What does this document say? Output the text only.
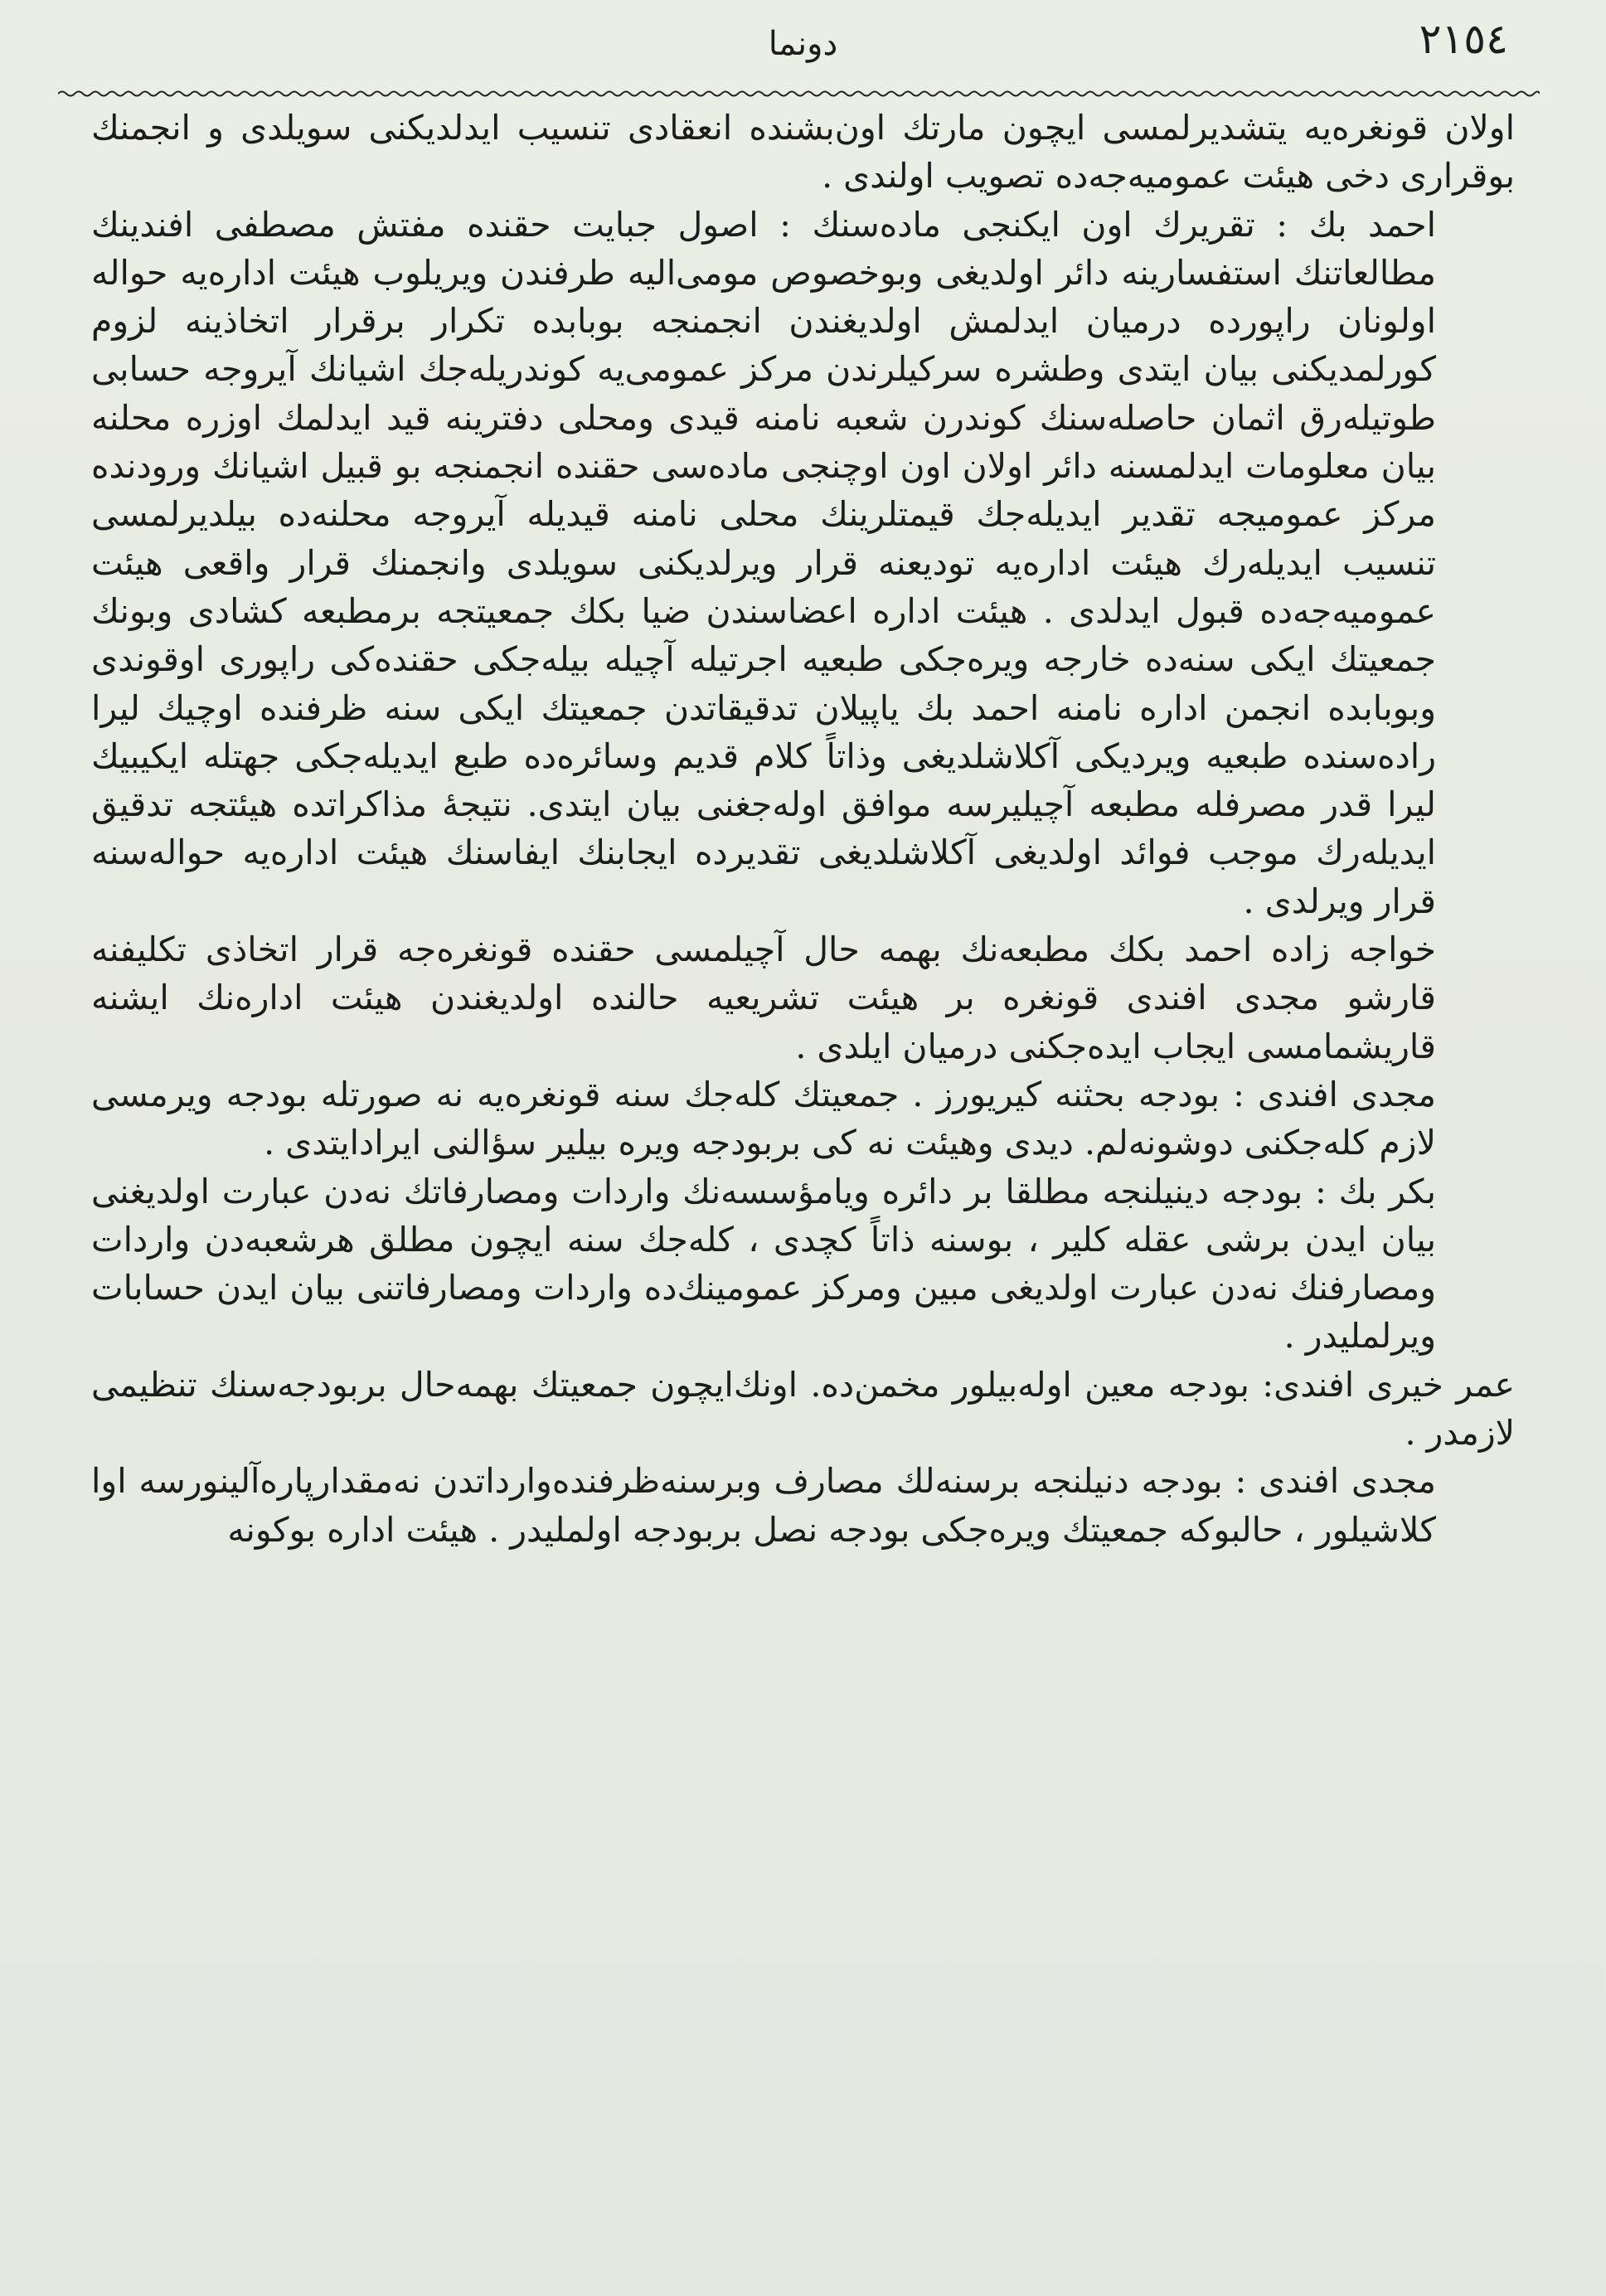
٢١٥٤
دونما

اولان قونغره‌یه یتشدیرلمسی ایچون مارتك اون‌بشنده انعقادی تنسیب ایدلدیکنی سویلدی و انجمنك بوقراری دخی هیئت عمومیه‌جه‌ده تصویب اولندی .

احمد بك : تقریرك اون ایکنجی ماده‌سنك : اصول جبایت حقنده مفتش مصطفی افندینك مطالعاتنك استفسارینه دائر اولدیغی وبوخصوص مومی‌الیه طرفندن ویریلوب هیئت اداره‌یه حواله اولونان راپورده درمیان ایدلمش اولدیغندن انجمنجه بوبابده تکرار برقرار اتخاذینه لزوم کورلمدیکنی بیان ایتدی وطشره سرکیلرندن مرکز عمومی‌یه کوندریله‌جك اشیانك آیروجه حسابی طوتیله‌رق اثمان حاصله‌سنك کوندرن شعبه نامنه قیدی ومحلی دفترینه قید ایدلمك اوزره محلنه بیان معلومات ایدلمسنه دائر اولان اون اوچنجی ماده‌سی حقنده انجمنجه بو قبیل اشیانك ورودنده مرکز عمومیجه تقدیر ایدیله‌جك قیمتلرینك محلی نامنه قیدیله آیروجه محلنه‌ده بیلدیرلمسی تنسیب ایدیله‌رك هیئت اداره‌یه تودیعنه قرار ویرلدیکنی سویلدی وانجمنك قرار واقعی هیئت عمومیه‌جه‌ده قبول ایدلدی . هیئت اداره اعضاسندن ضیا بکك جمعیتجه برمطبعه کشادی وبونك جمعیتك ایکی سنه‌ده خارجه ویره‌جکی طبعیه اجرتیله آچیله بیله‌جکی حقنده‌کی راپوری اوقوندی وبوبابده انجمن اداره نامنه احمد بك یاپیلان تدقیقاتدن جمعیتك ایکی سنه ظرفنده اوچیك لیرا راده‌سنده طبعیه ویردیکی آکلاشلدیغی وذاتاً کلام قدیم وسائره‌ده طبع ایدیله‌جکی جهتله ایکیبیك لیرا قدر مصرفله مطبعه آچیلیرسه موافق اوله‌جغنی بیان ایتدی. نتیجهٔ مذاکراتده هیئتجه تدقیق ایدیله‌رك موجب فوائد اولدیغی آکلاشلدیغی تقدیرده ایجابنك ایفاسنك هیئت اداره‌یه حواله‌سنه قرار ویرلدی .

خواجه زاده احمد بکك مطبعه‌نك بهمه حال آچیلمسی حقنده قونغره‌جه قرار اتخاذی تکلیفنه قارشو مجدی افندی قونغره بر هیئت تشریعیه حالنده اولدیغندن هیئت اداره‌نك ایشنه قاریشمامسی ایجاب ایده‌جکنی درمیان ایلدی .

مجدی افندی : بودجه بحثنه کیریورز . جمعیتك کله‌جك سنه قونغره‌یه نه صورتله بودجه ویرمسی لازم کله‌جکنی دوشونه‌لم. دیدی وهیئت نه کی بربودجه ویره بیلیر سؤالنی ایرادایتدی .

بکر بك : بودجه دینیلنجه مطلقا بر دائره ویامؤسسه‌نك واردات ومصارفاتك نه‌دن عبارت اولدیغنی بیان ایدن برشی عقله کلیر ، بوسنه ذاتاً کچدی ، کله‌جك سنه ایچون مطلق هرشعبه‌دن واردات ومصارفنك نه‌دن عبارت اولدیغی مبین ومرکز عمومینك‌ده واردات ومصارفاتنی بیان ایدن حسابات ویرلملیدر .

عمر خیری افندی: بودجه معین اوله‌بیلور مخمن‌ده. اونك‌ایچون جمعیتك بهمه‌حال بربودجه‌سنك تنظیمی لازمدر .

مجدی افندی : بودجه دنیلنجه برسنه‌لك مصارف وبرسنه‌ظرفنده‌وارداتدن نه‌مقدارپاره‌آلینورسه اوا کلاشیلور ، حالبوکه جمعیتك ویره‌جکی بودجه نصل بربودجه اولملیدر . هیئت اداره بوکونه
